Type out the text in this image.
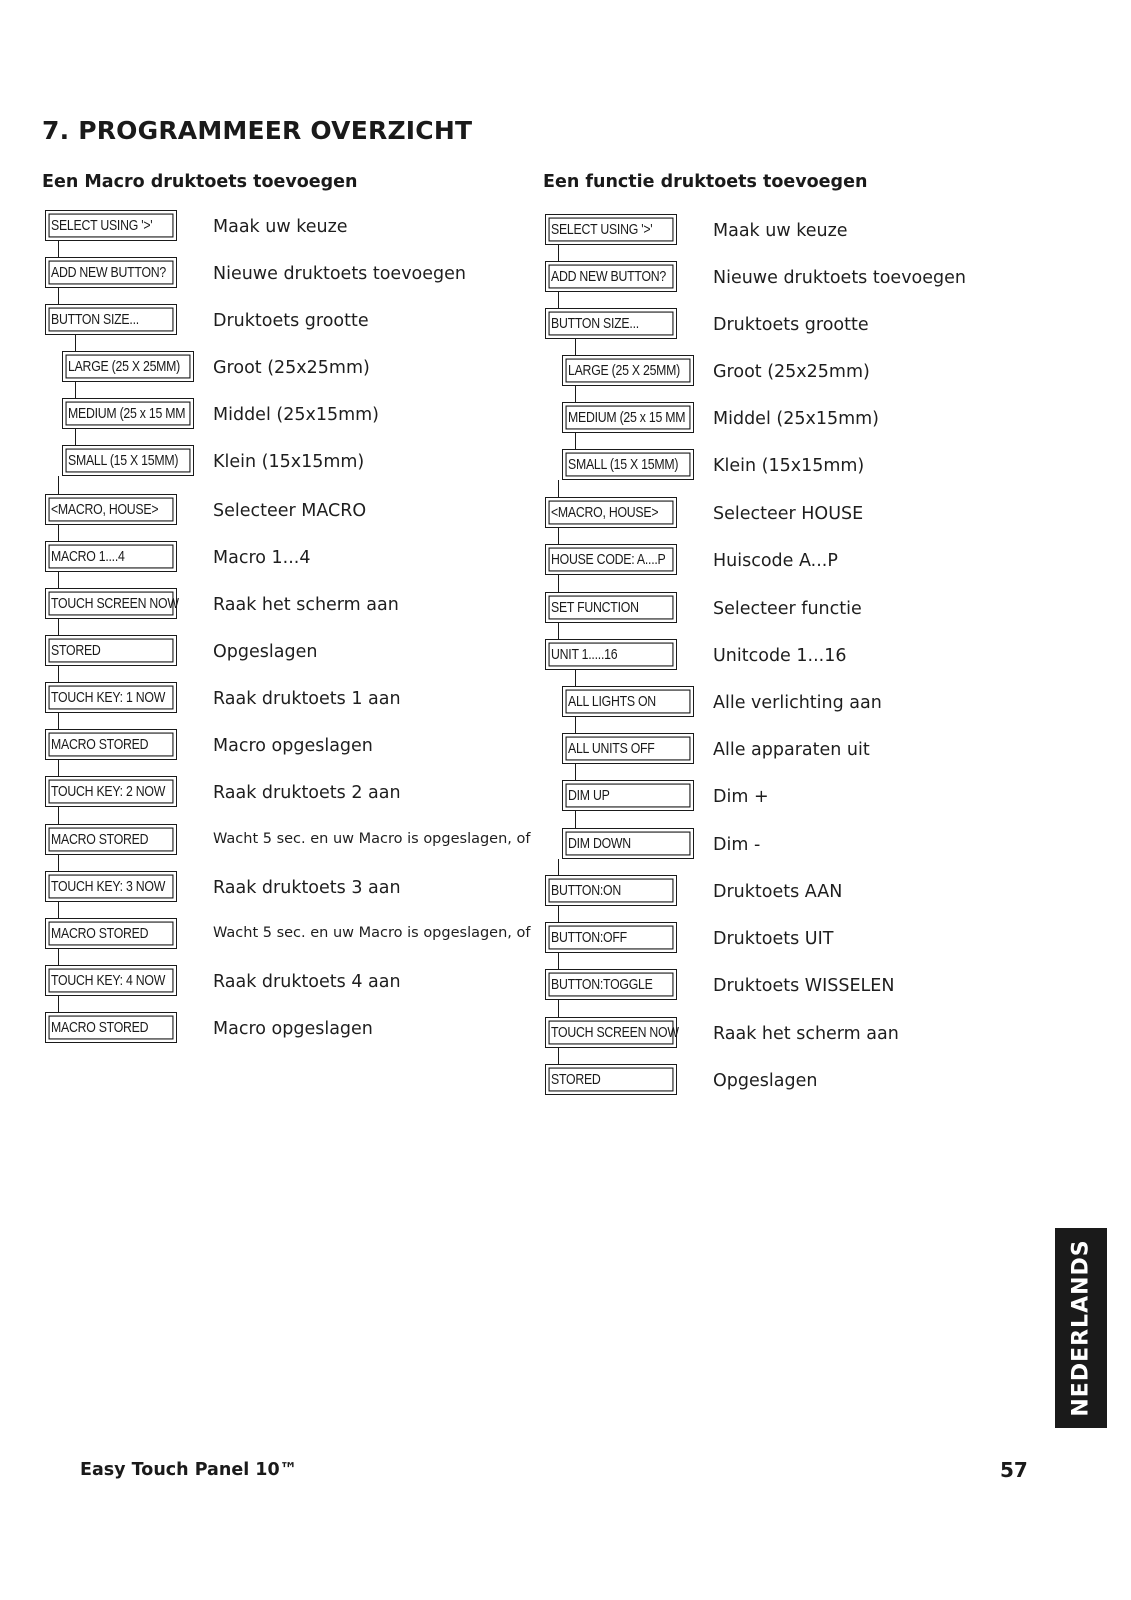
7. PROGRAMMEER OVERZICHT
Een Macro druktoets toevoegen	Een functie druktoets toevoegen
SELECT USING '>'	Maak uw keuze
ADD NEW BUTTON?	Nieuwe druktoets toevoegen
BUTTON SIZE...	Druktoets grootte
LARGE (25 X 25MM) Groot (25x25mm)
MEDIUM (25 x 15 MM Middel (25x15mm)
SMALL (15 X 15MM) Klein (15x15mm)
<MACRO, HOUSE>	Selecteer MACRO
MACRO 1....4	Macro 1...4
TOUCH SCREEN NOW Raak het scherm aan
STORED	Opgeslagen
TOUCH KEY: 1 NOW	Raak druktoets 1 aan
MACRO STORED	Macro opgeslagen
TOUCH KEY: 2 NOW	Raak druktoets 2 aan
MACRO STORED	Wacht 5 sec. en uw Macro is opgeslagen, of
TOUCH KEY: 3 NOW	Raak druktoets 3 aan
MACRO STORED	Wacht 5 sec. en uw Macro is opgeslagen, of
TOUCH KEY: 4 NOW	Raak druktoets 4 aan
MACRO STORED	Macro opgeslagen
SELECT USING '>'	Maak uw keuze
ADD NEW BUTTON?	Nieuwe druktoets toevoegen
BUTTON SIZE...	Druktoets grootte
LARGE (25 X 25MM) Groot (25x25mm)
MEDIUM (25 x 15 MM Middel (25x15mm)
SMALL (15 X 15MM) Klein (15x15mm)
<MACRO, HOUSE>	Selecteer HOUSE
HOUSE CODE: A....P	Huiscode A...P
SET FUNCTION	Selecteer functie
UNIT 1.....16	Unitcode 1...16
ALL LIGHTS ON	Alle verlichting aan
ALL UNITS OFF	Alle apparaten uit
DIM UP	Dim +
DIM DOWN	Dim -
BUTTON:ON	Druktoets AAN
BUTTON:OFF	Druktoets UIT
BUTTON:TOGGLE	Druktoets WISSELEN
TOUCH SCREEN NOW Raak het scherm aan
STORED	Opgeslagen
NEDERLANDS
Easy Touch Panel 10™	57
